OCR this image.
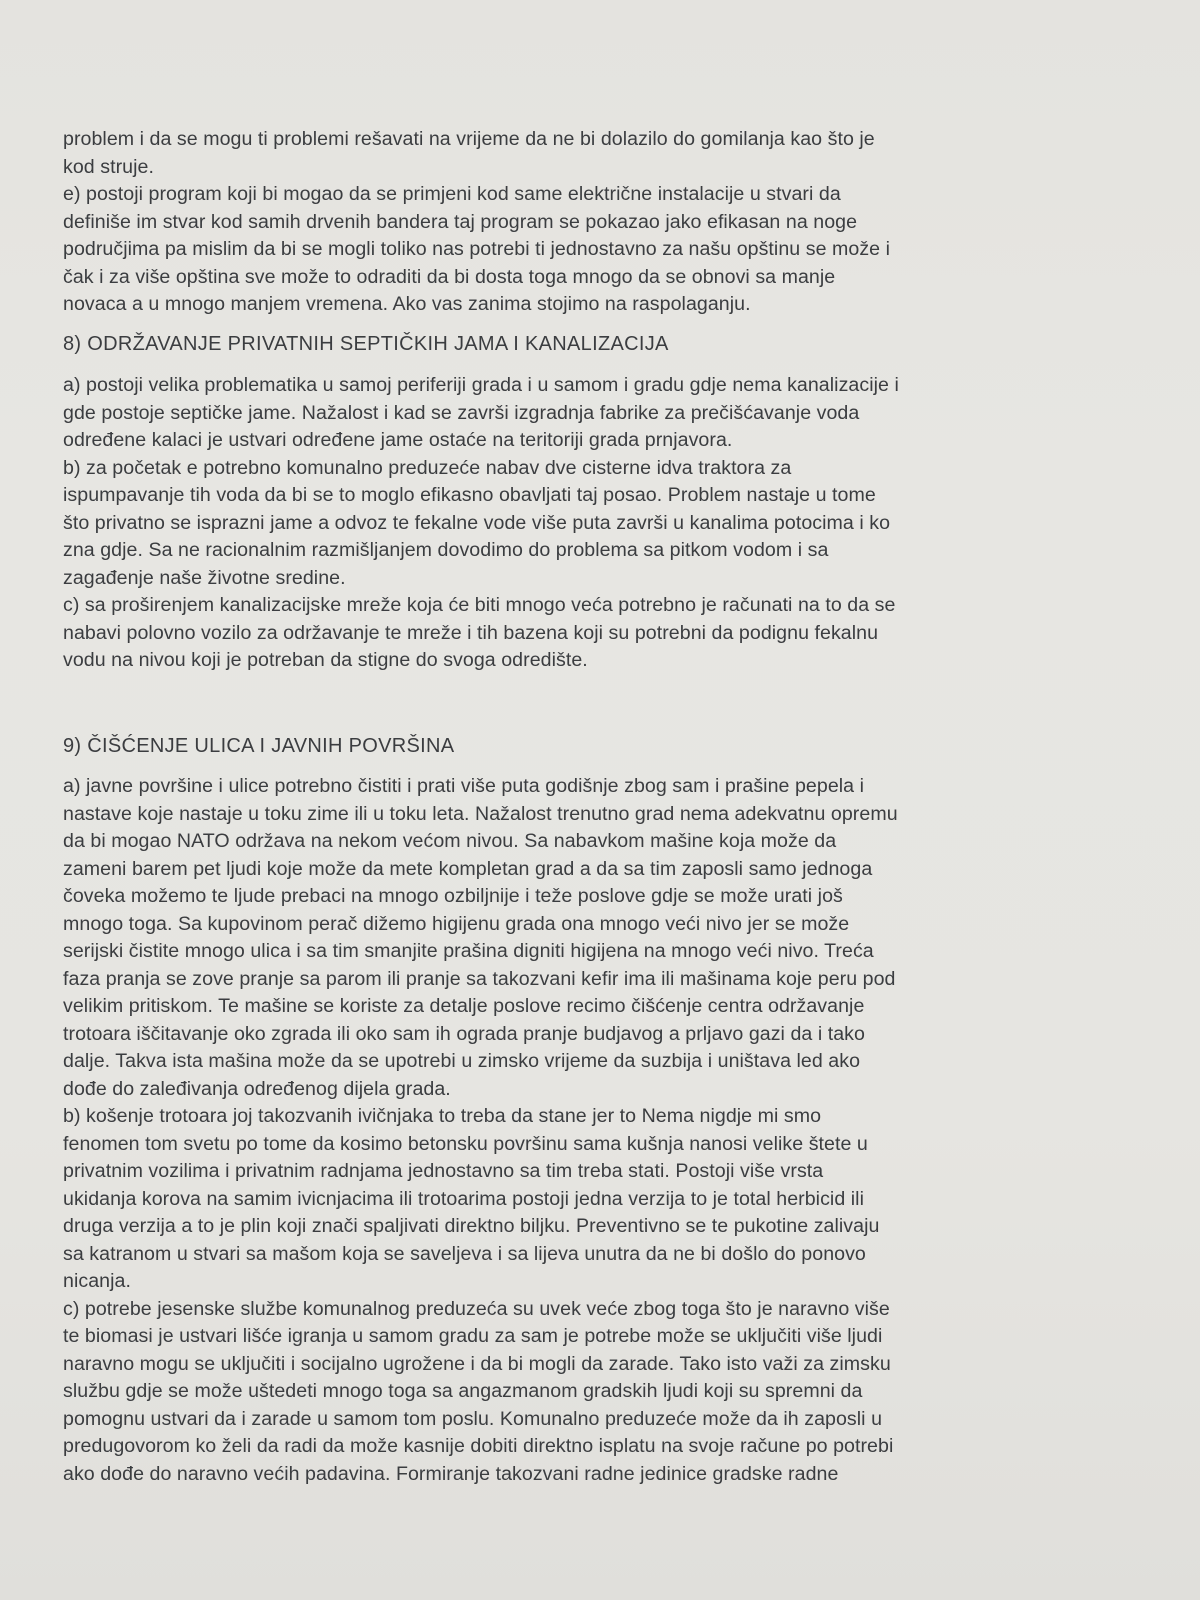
problem i da se mogu ti problemi rešavati na vrijeme da ne bi dolazilo do gomilanja kao što je
kod struje.
e) postoji program koji bi mogao da se primjeni kod same električne instalacije u stvari da
definiše im stvar kod samih drvenih bandera taj program se pokazao jako efikasan na noge
područjima pa mislim da bi se mogli toliko nas potrebi ti jednostavno za našu opštinu se može i
čak i za više opština sve može to odraditi da bi dosta toga mnogo da se obnovi sa manje
novaca a u mnogo manjem vremena. Ako vas zanima stojimo na raspolaganju.
8) ODRŽAVANJE PRIVATNIH SEPTIČKIH JAMA I KANALIZACIJA
a) postoji velika problematika u samoj periferiji grada i u samom i gradu gdje nema kanalizacije i
gde postoje septičke jame. Nažalost i kad se završi izgradnja fabrike za prečišćavanje voda
određene kalaci je ustvari određene jame ostaće na teritoriji grada prnjavora.
b) za početak e potrebno komunalno preduzeće nabav dve cisterne idva traktora za
ispumpavanje tih voda da bi se to moglo efikasno obavljati taj posao. Problem nastaje u tome
što privatno se isprazni jame a odvoz te fekalne vode više puta završi u kanalima potocima i ko
zna gdje. Sa ne racionalnim razmišljanjem dovodimo do problema sa pitkom vodom i sa
zagađenje naše životne sredine.
c) sa proširenjem kanalizacijske mreže koja će biti mnogo veća potrebno je računati na to da se
nabavi polovno vozilo za održavanje te mreže i tih bazena koji su potrebni da podignu fekalnu
vodu na nivou koji je potreban da stigne do svoga odredište.
9) ČIŠĆENJE ULICA I JAVNIH POVRŠINA
a) javne površine i ulice potrebno čistiti i prati više puta godišnje zbog sam i prašine pepela i
nastave koje nastaje u toku zime ili u toku leta. Nažalost trenutno grad nema adekvatnu opremu
da bi mogao NATO održava na nekom većom nivou. Sa nabavkom mašine koja može da
zameni barem pet ljudi koje može da mete kompletan grad a da sa tim zaposli samo jednoga
čoveka možemo te ljude prebaci na mnogo ozbiljnije i teže poslove gdje se može urati još
mnogo toga. Sa kupovinom perač dižemo higijenu grada ona mnogo veći nivo jer se može
serijski čistite mnogo ulica i sa tim smanjite prašina digniti higijena na mnogo veći nivo. Treća
faza pranja se zove pranje sa parom ili pranje sa takozvani kefir ima ili mašinama koje peru pod
velikim pritiskom. Te mašine se koriste za detalje poslove recimo čišćenje centra održavanje
trotoara iščitavanje oko zgrada ili oko sam ih ograda pranje budjavog a prljavo gazi da i tako
dalje. Takva ista mašina može da se upotrebi u zimsko vrijeme da suzbija i uništava led ako
dođe do zaleđivanja određenog dijela grada.
b) košenje trotoara joj takozvanih ivičnjaka to treba da stane jer to Nema nigdje mi smo
fenomen tom svetu po tome da kosimo betonsku površinu sama kušnja nanosi velike štete u
privatnim vozilima i privatnim radnjama jednostavno sa tim treba stati. Postoji više vrsta
ukidanja korova na samim ivicnjacima ili trotoarima postoji jedna verzija to je total herbicid ili
druga verzija a to je plin koji znači spaljivati direktno biljku. Preventivno se te pukotine zalivaju
sa katranom u stvari sa mašom koja se saveljeva i sa lijeva unutra da ne bi došlo do ponovo
nicanja.
c) potrebe jesenske službe komunalnog preduzeća su uvek veće zbog toga što je naravno više
te biomasi je ustvari lišće igranja u samom gradu za sam je potrebe može se uključiti više ljudi
naravno mogu se uključiti i socijalno ugrožene i da bi mogli da zarade. Tako isto važi za zimsku
službu gdje se može uštedeti mnogo toga sa angazmanom gradskih ljudi koji su spremni da
pomognu ustvari da i zarade u samom tom poslu. Komunalno preduzeće može da ih zaposli u
predugovorom ko želi da radi da može kasnije dobiti direktno isplatu na svoje račune po potrebi
ako dođe do naravno većih padavina. Formiranje takozvani radne jedinice gradske radne
